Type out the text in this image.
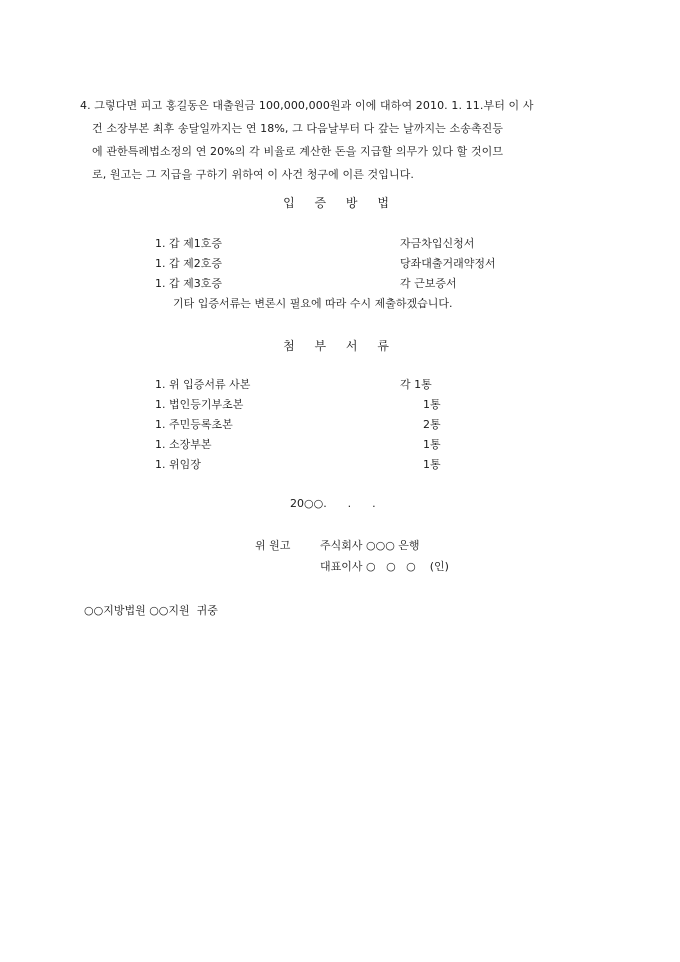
4. 그렇다면 피고 홍길동은 대출원금 100,000,000원과 이에 대하여 2010. 1. 11.부터 이 사
건 소장부본 최후 송달일까지는 연 18%, 그 다음날부터 다 갚는 날까지는 소송촉진등
에 관한특례법소정의 연 20%의 각 비율로 계산한 돈을 지급할 의무가 있다 할 것이므
로, 원고는 그 지급을 구하기 위하여 이 사건 청구에 이른 것입니다.
입 증 방 법
1. 갑 제1호증	자금차입신청서
1. 갑 제2호증	당좌대출거래약정서
1. 갑 제3호증	각 근보증서
기타 입증서류는 변론시 필요에 따라 수시 제출하겠습니다.
첨 부 서 류
1. 위 입증서류 사본	각 1통
1. 법인등기부초본	1통
1. 주민등록초본	2통
1. 소장부본	1통
1. 위임장	1통
20○○.      .      .
위 원고	주식회사 ○○○ 은행
대표이사 ○   ○   ○    (인)
○○지방법원 ○○지원  귀중
